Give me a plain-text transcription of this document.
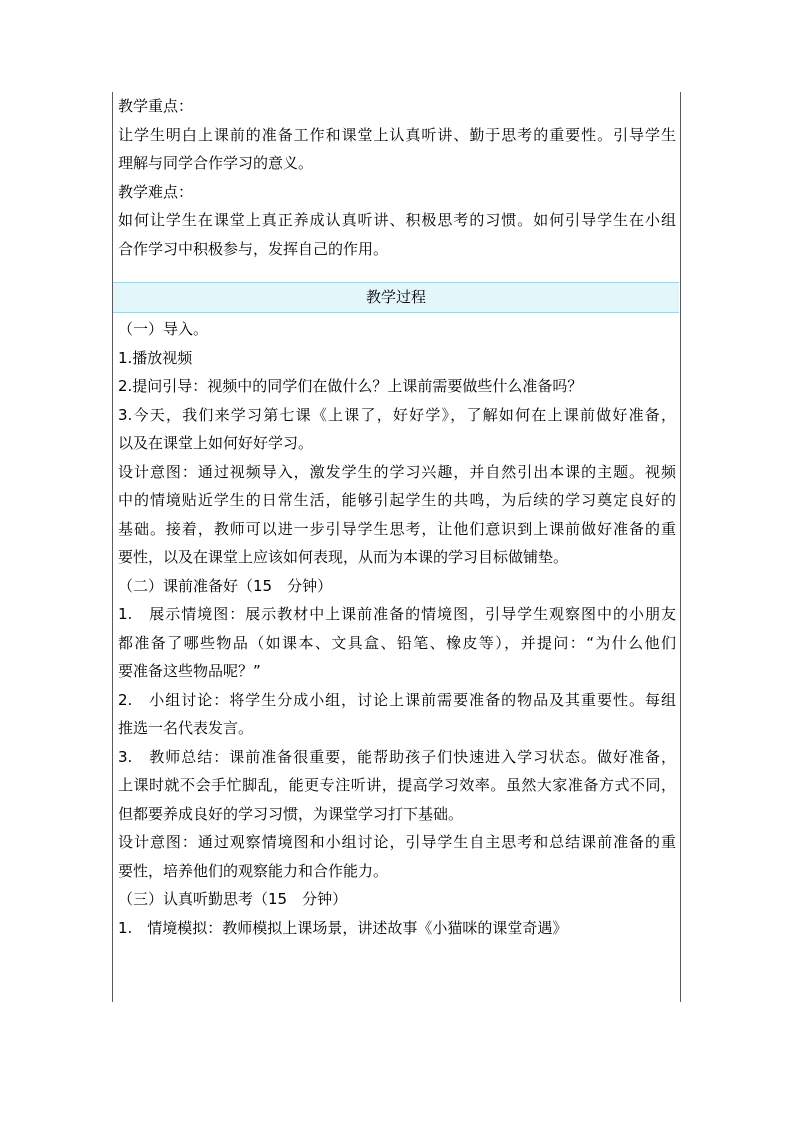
教学重点：
让学生明白上课前的准备工作和课堂上认真听讲、勤于思考的重要性。引导学生
理解与同学合作学习的意义。
教学难点：
如何让学生在课堂上真正养成认真听讲、积极思考的习惯。如何引导学生在小组
合作学习中积极参与，发挥自己的作用。
教学过程
（一）导入。
1.播放视频
2.提问引导：视频中的同学们在做什么？上课前需要做些什么准备吗？
3.今天，我们来学习第七课《上课了，好好学》，了解如何在上课前做好准备，
以及在课堂上如何好好学习。
设计意图：通过视频导入，激发学生的学习兴趣，并自然引出本课的主题。视频
中的情境贴近学生的日常生活，能够引起学生的共鸣，为后续的学习奠定良好的
基础。接着，教师可以进一步引导学生思考，让他们意识到上课前做好准备的重
要性，以及在课堂上应该如何表现，从而为本课的学习目标做铺垫。
（二）课前准备好（15　分钟）
1.　展示情境图：展示教材中上课前准备的情境图，引导学生观察图中的小朋友
都准备了哪些物品（如课本、文具盒、铅笔、橡皮等），并提问：“为什么他们
要准备这些物品呢？”
2.　小组讨论：将学生分成小组，讨论上课前需要准备的物品及其重要性。每组
推选一名代表发言。
3.　教师总结：课前准备很重要，能帮助孩子们快速进入学习状态。做好准备，
上课时就不会手忙脚乱，能更专注听讲，提高学习效率。虽然大家准备方式不同，
但都要养成良好的学习习惯，为课堂学习打下基础。
设计意图：通过观察情境图和小组讨论，引导学生自主思考和总结课前准备的重
要性，培养他们的观察能力和合作能力。
（三）认真听勤思考（15　分钟）
1.　情境模拟：教师模拟上课场景，讲述故事《小猫咪的课堂奇遇》
